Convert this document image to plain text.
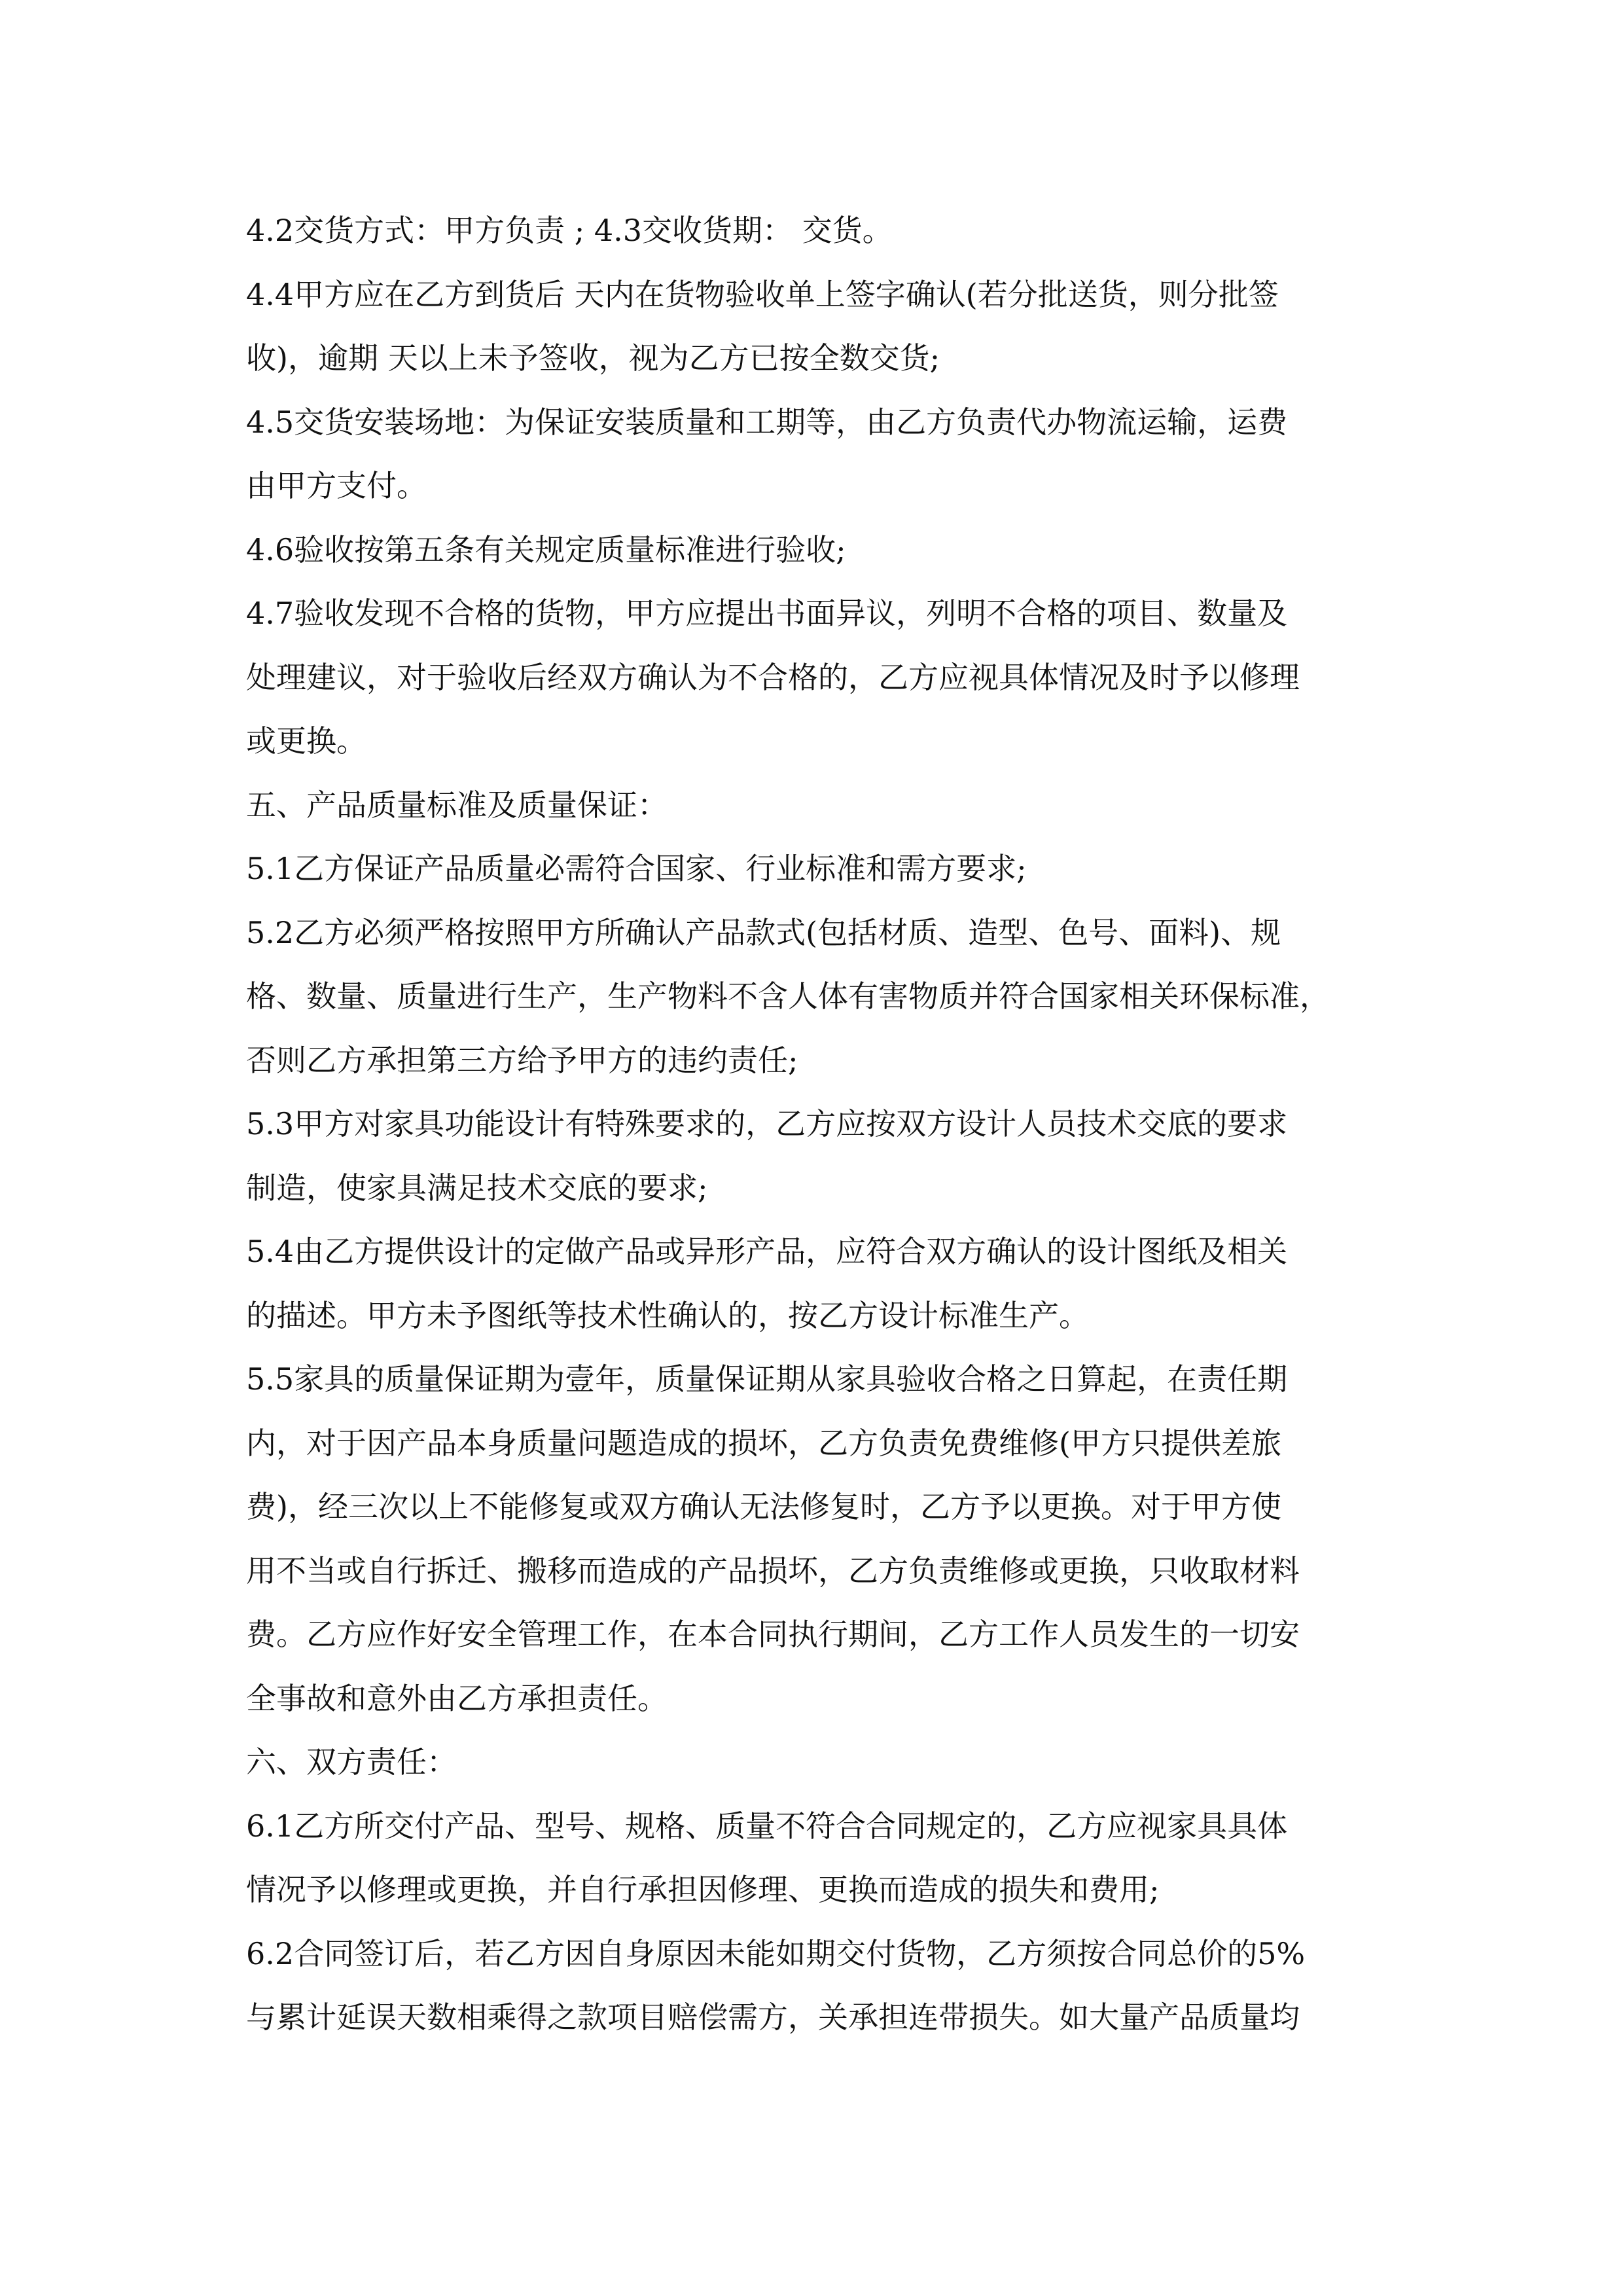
4.2交货方式：甲方负责 ; 4.3交收货期： 交货。
4.4甲方应在乙方到货后 天内在货物验收单上签字确认(若分批送货，则分批签
收)，逾期 天以上未予签收，视为乙方已按全数交货;
4.5交货安装场地：为保证安装质量和工期等，由乙方负责代办物流运输，运费
由甲方支付。
4.6验收按第五条有关规定质量标准进行验收;
4.7验收发现不合格的货物，甲方应提出书面异议，列明不合格的项目、数量及
处理建议，对于验收后经双方确认为不合格的，乙方应视具体情况及时予以修理
或更换。
五、产品质量标准及质量保证：
5.1乙方保证产品质量必需符合国家、行业标准和需方要求;
5.2乙方必须严格按照甲方所确认产品款式(包括材质、造型、色号、面料)、规
格、数量、质量进行生产，生产物料不含人体有害物质并符合国家相关环保标准，
否则乙方承担第三方给予甲方的违约责任;
5.3甲方对家具功能设计有特殊要求的，乙方应按双方设计人员技术交底的要求
制造，使家具满足技术交底的要求;
5.4由乙方提供设计的定做产品或异形产品，应符合双方确认的设计图纸及相关
的描述。甲方未予图纸等技术性确认的，按乙方设计标准生产。
5.5家具的质量保证期为壹年，质量保证期从家具验收合格之日算起，在责任期
内，对于因产品本身质量问题造成的损坏，乙方负责免费维修(甲方只提供差旅
费)，经三次以上不能修复或双方确认无法修复时，乙方予以更换。对于甲方使
用不当或自行拆迁、搬移而造成的产品损坏，乙方负责维修或更换，只收取材料
费。乙方应作好安全管理工作，在本合同执行期间，乙方工作人员发生的一切安
全事故和意外由乙方承担责任。
六、双方责任：
6.1乙方所交付产品、型号、规格、质量不符合合同规定的，乙方应视家具具体
情况予以修理或更换，并自行承担因修理、更换而造成的损失和费用;
6.2合同签订后，若乙方因自身原因未能如期交付货物，乙方须按合同总价的5%
与累计延误天数相乘得之款项目赔偿需方，关承担连带损失。如大量产品质量均
